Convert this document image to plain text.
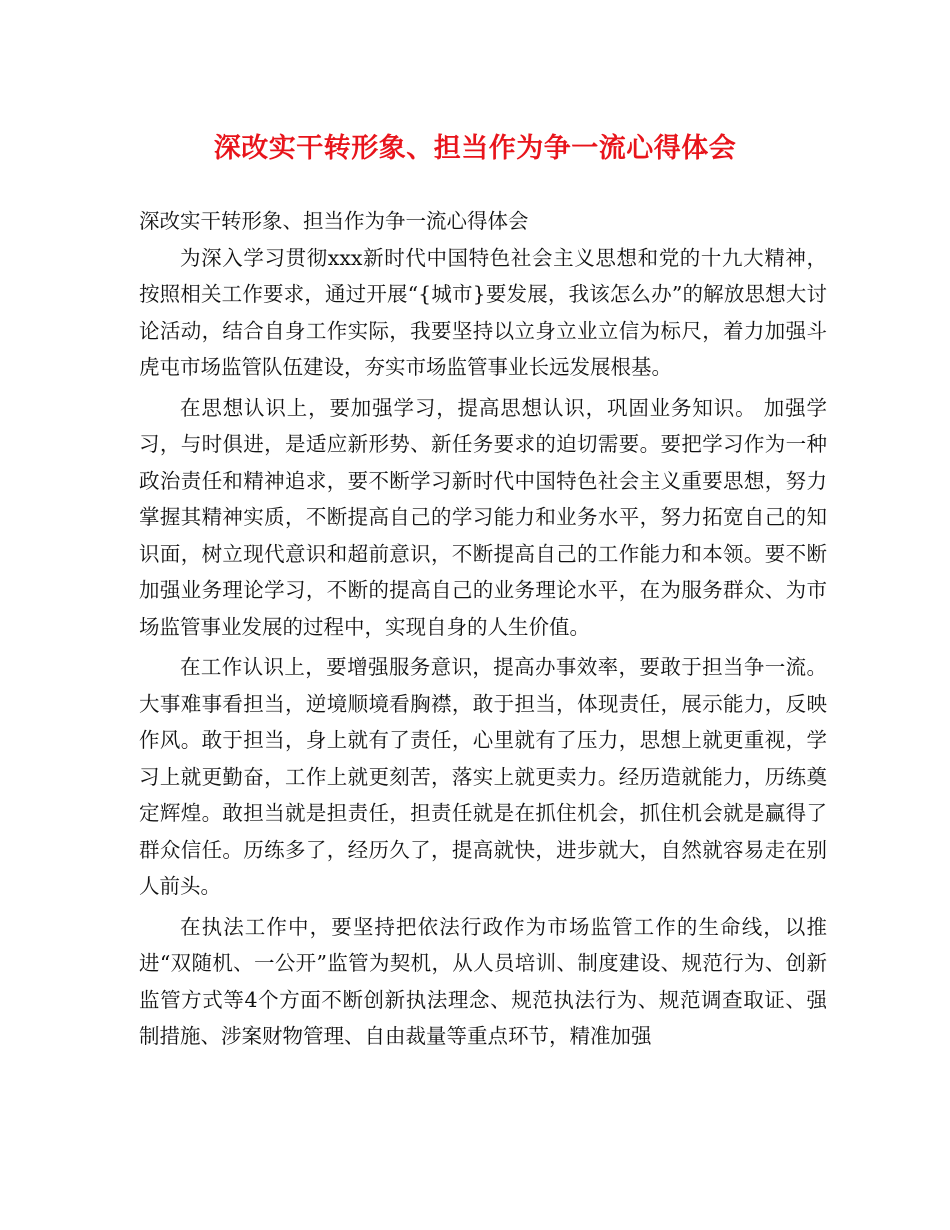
深改实干转形象、担当作为争一流心得体会

深改实干转形象、担当作为争一流心得体会

为深入学习贯彻xxx新时代中国特色社会主义思想和党的十九大精神，按照相关工作要求，通过开展“{城市}要发展，我该怎么办”的解放思想大讨论活动，结合自身工作实际，我要坚持以立身立业立信为标尺，着力加强斗虎屯市场监管队伍建设，夯实市场监管事业长远发展根基。

在思想认识上，要加强学习，提高思想认识，巩固业务知识。 加强学习，与时俱进，是适应新形势、新任务要求的迫切需要。要把学习作为一种政治责任和精神追求，要不断学习新时代中国特色社会主义重要思想，努力掌握其精神实质，不断提高自己的学习能力和业务水平，努力拓宽自己的知识面，树立现代意识和超前意识，不断提高自己的工作能力和本领。要不断加强业务理论学习，不断的提高自己的业务理论水平，在为服务群众、为市场监管事业发展的过程中，实现自身的人生价值。

在工作认识上，要增强服务意识，提高办事效率，要敢于担当争一流。大事难事看担当，逆境顺境看胸襟，敢于担当，体现责任，展示能力，反映作风。敢于担当，身上就有了责任，心里就有了压力，思想上就更重视，学习上就更勤奋，工作上就更刻苦，落实上就更卖力。经历造就能力，历练奠定辉煌。敢担当就是担责任，担责任就是在抓住机会，抓住机会就是赢得了群众信任。历练多了，经历久了，提高就快，进步就大，自然就容易走在别人前头。

在执法工作中，要坚持把依法行政作为市场监管工作的生命线，以推进“双随机、一公开”监管为契机，从人员培训、制度建设、规范行为、创新监管方式等4个方面不断创新执法理念、规范执法行为、规范调查取证、强制措施、涉案财物管理、自由裁量等重点环节，精准加强
